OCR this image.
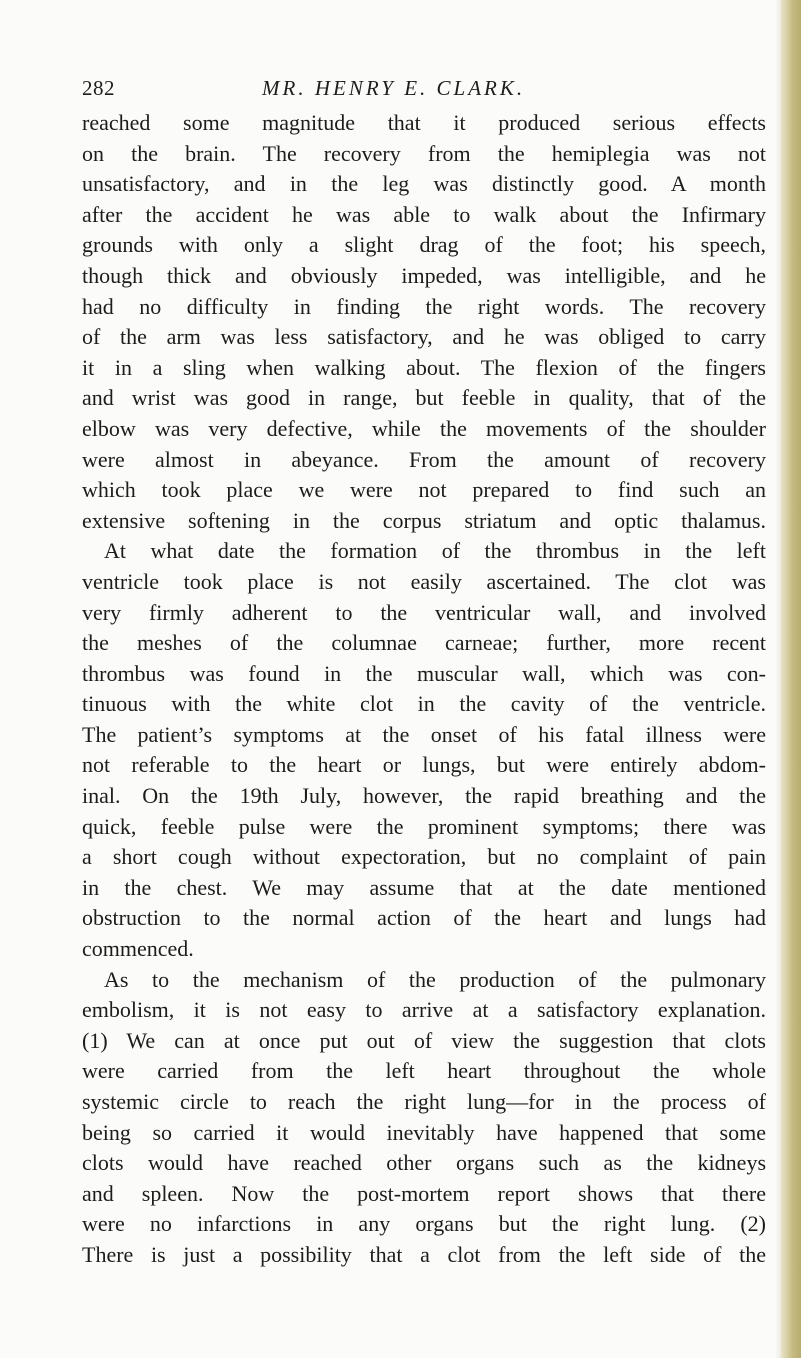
282	MR. HENRY E. CLARK.
reached some magnitude that it produced serious effects
on the brain. The recovery from the hemiplegia was not
unsatisfactory, and in the leg was distinctly good. A month
after the accident he was able to walk about the Infirmary
grounds with only a slight drag of the foot; his speech,
though thick and obviously impeded, was intelligible, and he
had no difficulty in finding the right words. The recovery
of the arm was less satisfactory, and he was obliged to carry
it in a sling when walking about. The flexion of the fingers
and wrist was good in range, but feeble in quality, that of the
elbow was very defective, while the movements of the shoulder
were almost in abeyance. From the amount of recovery
which took place we were not prepared to find such an
extensive softening in the corpus striatum and optic thalamus.
At what date the formation of the thrombus in the left
ventricle took place is not easily ascertained. The clot was
very firmly adherent to the ventricular wall, and involved
the meshes of the columnae carneae; further, more recent
thrombus was found in the muscular wall, which was con-
tinuous with the white clot in the cavity of the ventricle.
The patient’s symptoms at the onset of his fatal illness were
not referable to the heart or lungs, but were entirely abdom-
inal. On the 19th July, however, the rapid breathing and the
quick, feeble pulse were the prominent symptoms; there was
a short cough without expectoration, but no complaint of pain
in the chest. We may assume that at the date mentioned
obstruction to the normal action of the heart and lungs had
commenced.
As to the mechanism of the production of the pulmonary
embolism, it is not easy to arrive at a satisfactory explanation.
(1) We can at once put out of view the suggestion that clots
were carried from the left heart throughout the whole
systemic circle to reach the right lung—for in the process of
being so carried it would inevitably have happened that some
clots would have reached other organs such as the kidneys
and spleen. Now the post-mortem report shows that there
were no infarctions in any organs but the right lung. (2)
There is just a possibility that a clot from the left side of the
